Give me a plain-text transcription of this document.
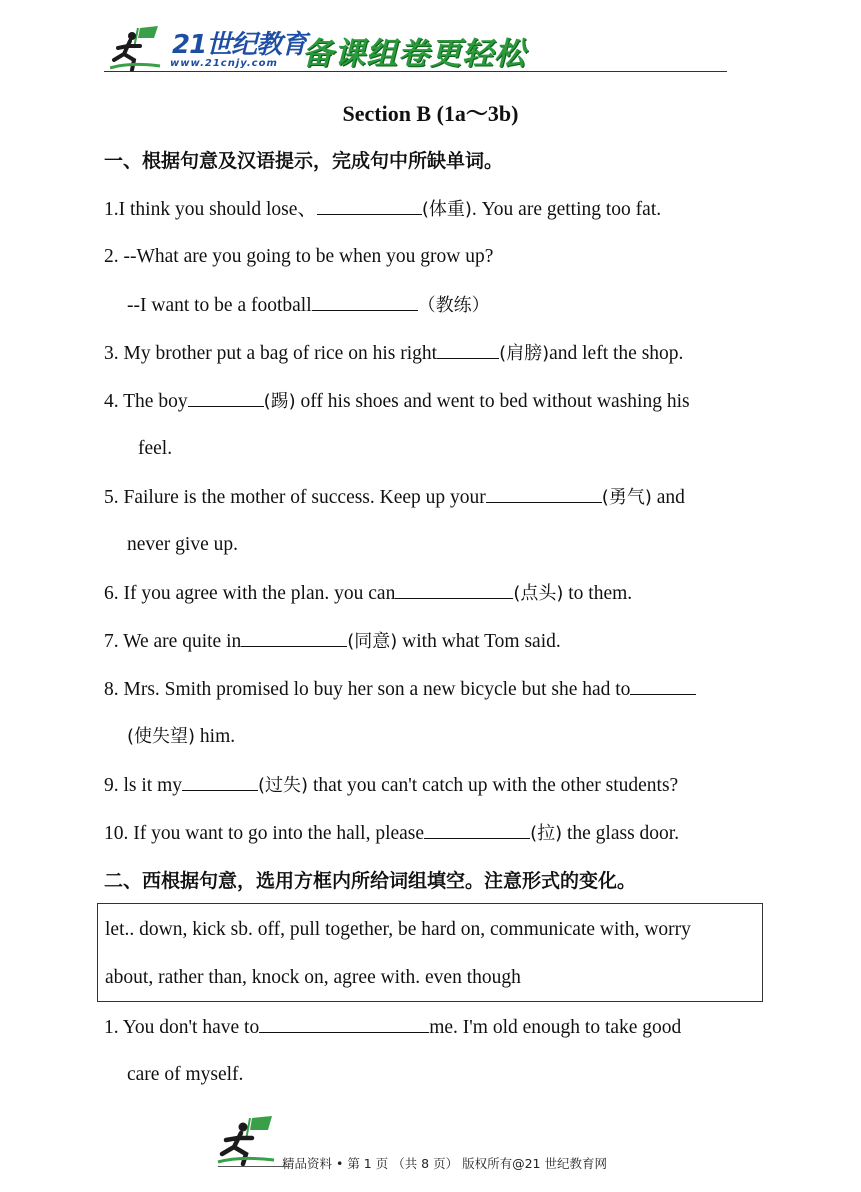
21世纪教育
www.21cnjy.com 备课组卷更轻松
Section B (1a～3b)
一、根据句意及汉语提示，完成句中所缺单词。
1.I think you should lose、	(体重). You are getting too fat.
2. --What are you going to be when you grow up?
--I want to be a football	（教练）
3. My brother put a bag of rice on his right	(肩膀)and left the shop.
4. The boy	(踢) off his shoes and went to bed without washing his
feel.
5. Failure is the mother of success. Keep up your	(勇气) and
never give up.
6. If you agree with the plan. you can	(点头) to them.
7. We are quite in	(同意) with what Tom said.
8. Mrs. Smith promised lo buy her son a new bicycle but she had to
(使失望) him.
9. ls it my	(过失) that you can't catch up with the other students?
10. If you want to go into the hall, please	(拉) the glass door.
二、西根据句意，选用方框内所给词组填空。注意形式的变化。
let.. down, kick sb. off, pull together, be hard on, communicate with, worry
about, rather than, knock on, agree with. even though
1. You don't have to	me. I'm old enough to take good
care of myself.
精品资料 • 第 1 页 （共 8 页） 版权所有@21 世纪教育网
